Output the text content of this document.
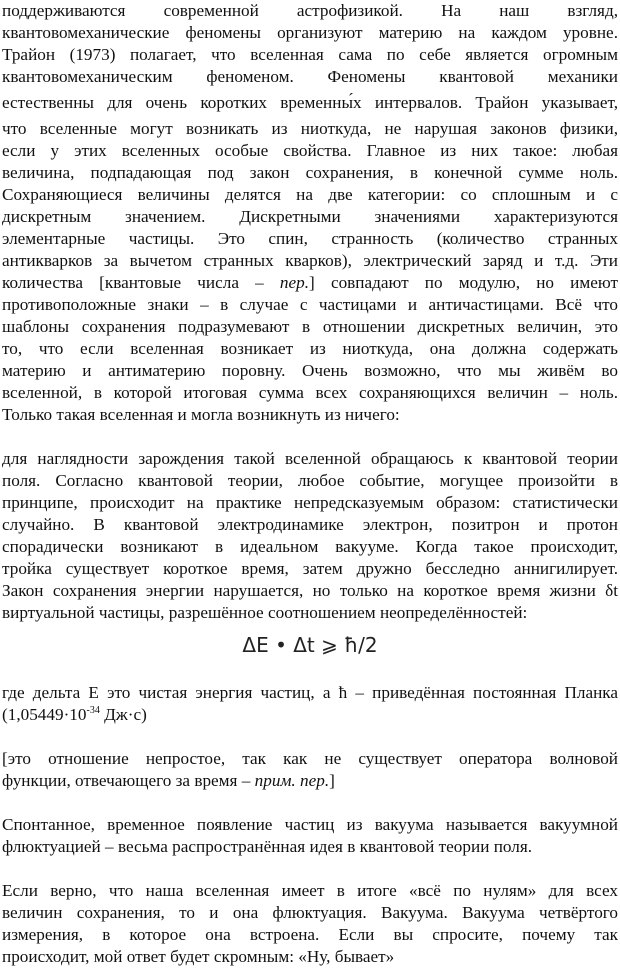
поддерживаются современной астрофизикой. На наш взгляд,
квантовомеханические феномены организуют материю на каждом уровне.
Трайон (1973) полагает, что вселенная сама по себе является огромным
квантовомеханическим феноменом. Феномены квантовой механики
естественны для очень коротких временны́х интервалов. Трайон указывает,
что вселенные могут возникать из ниоткуда, не нарушая законов физики,
если у этих вселенных особые свойства. Главное из них такое: любая
величина, подпадающая под закон сохранения, в конечной сумме ноль.
Сохраняющиеся величины делятся на две категории: со сплошным и с
дискретным значением. Дискретными значениями характеризуются
элементарные частицы. Это спин, странность (количество странных
антикварков за вычетом странных кварков), электрический заряд и т.д. Эти
количества [квантовые числа – пер.] совпадают по модулю, но имеют
противоположные знаки – в случае с частицами и античастицами. Всё что
шаблоны сохранения подразумевают в отношении дискретных величин, это
то, что если вселенная возникает из ниоткуда, она должна содержать
материю и антиматерию поровну. Очень возможно, что мы живём во
вселенной, в которой итоговая сумма всех сохраняющихся величин – ноль.
Только такая вселенная и могла возникнуть из ничего:
для наглядности зарождения такой вселенной обращаюсь к квантовой теории
поля. Согласно квантовой теории, любое событие, могущее произойти в
принципе, происходит на практике непредсказуемым образом: статистически
случайно. В квантовой электродинамике электрон, позитрон и протон
спорадически возникают в идеальном вакууме. Когда такое происходит,
тройка существует короткое время, затем дружно бесследно аннигилирует.
Закон сохранения энергии нарушается, но только на короткое время жизни δt
виртуальной частицы, разрешённое соотношением неопределённостей:
ΔE • Δt ⩾ ħ/2
где дельта E это чистая энергия частиц, а ħ – приведённая постоянная Планка
($1,05449\cdot 10^{-34}$ Дж·с)
[это отношение непростое, так как не существует оператора волновой
функции, отвечающего за время – прим. пер.]
Спонтанное, временное появление частиц из вакуума называется вакуумной
флюктуацией – весьма распространённая идея в квантовой теории поля.
Если верно, что наша вселенная имеет в итоге «всё по нулям» для всех
величин сохранения, то и она флюктуация. Вакуума. Вакуума четвёртого
измерения, в которое она встроена. Если вы спросите, почему так
происходит, мой ответ будет скромным: «Ну, бывает»
